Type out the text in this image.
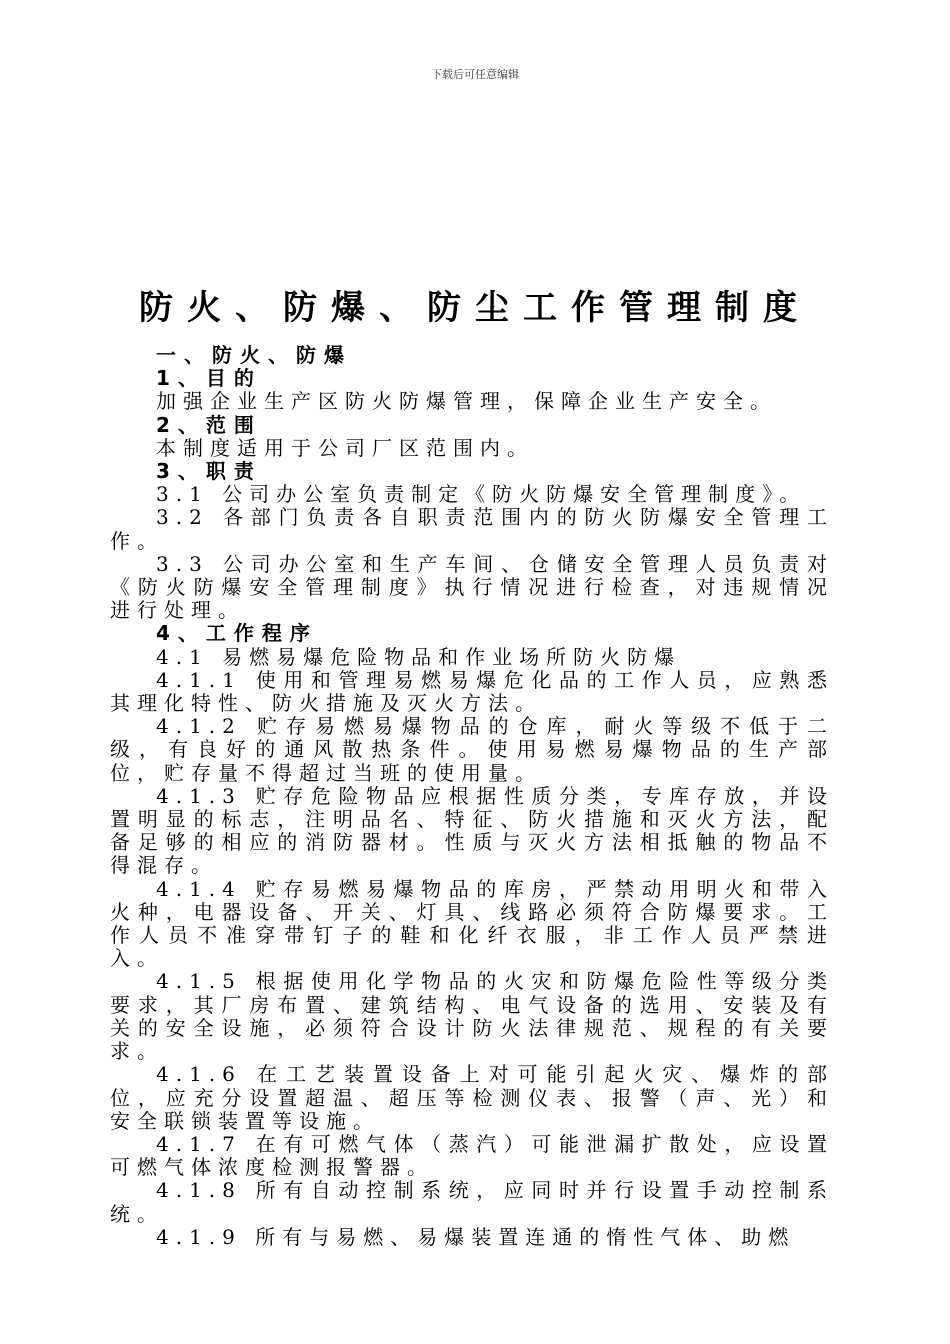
下载后可任意编辑
防火、防爆、防尘工作管理制度

一、防火、防爆

1、目的

加强企业生产区防火防爆管理，保障企业生产安全。

2、范围

本制度适用于公司厂区范围内。

3、职责

3.1 公司办公室负责制定《防火防爆安全管理制度》。

3.2 各部门负责各自职责范围内的防火防爆安全管理工作。

3.3 公司办公室和生产车间、仓储安全管理人员负责对《防火防爆安全管理制度》执行情况进行检查，对违规情况进行处理。

4、工作程序

4.1 易燃易爆危险物品和作业场所防火防爆

4.1.1 使用和管理易燃易爆危化品的工作人员，应熟悉其理化特性、防火措施及灭火方法。

4.1.2 贮存易燃易爆物品的仓库，耐火等级不低于二级，有良好的通风散热条件。使用易燃易爆物品的生产部位，贮存量不得超过当班的使用量。

4.1.3 贮存危险物品应根据性质分类，专库存放，并设置明显的标志，注明品名、特征、防火措施和灭火方法，配备足够的相应的消防器材。性质与灭火方法相抵触的物品不得混存。

4.1.4 贮存易燃易爆物品的库房，严禁动用明火和带入火种，电器设备、开关、灯具、线路必须符合防爆要求。工作人员不准穿带钉子的鞋和化纤衣服，非工作人员严禁进入。

4.1.5 根据使用化学物品的火灾和防爆危险性等级分类要求，其厂房布置、建筑结构、电气设备的选用、安装及有关的安全设施，必须符合设计防火法律规范、规程的有关要求。

4.1.6 在工艺装置设备上对可能引起火灾、爆炸的部位，应充分设置超温、超压等检测仪表、报警（声、光）和安全联锁装置等设施。

4.1.7 在有可燃气体（蒸汽）可能泄漏扩散处，应设置可燃气体浓度检测报警器。

4.1.8 所有自动控制系统，应同时并行设置手动控制系统。

4.1.9 所有与易燃、易爆装置连通的惰性气体、助燃
